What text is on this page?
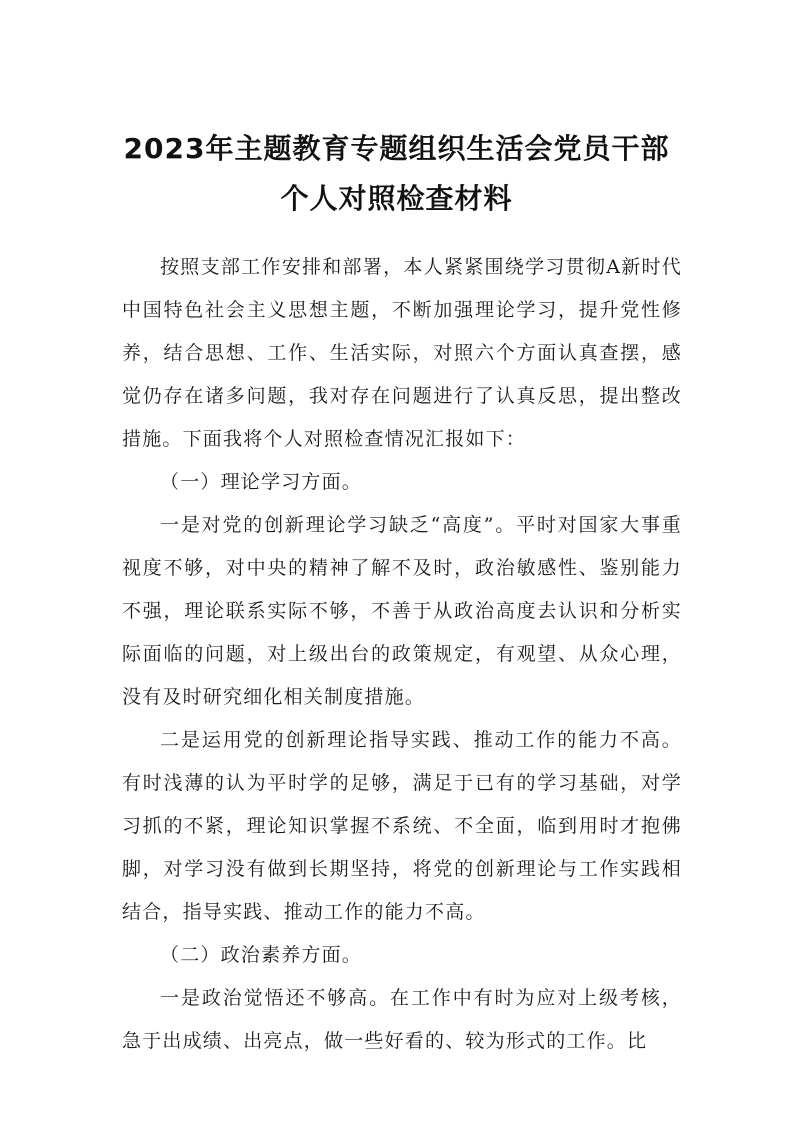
2023年主题教育专题组织生活会党员干部
个人对照检查材料

按照支部工作安排和部署，本人紧紧围绕学习贯彻A新时代中国特色社会主义思想主题，不断加强理论学习，提升党性修养，结合思想、工作、生活实际，对照六个方面认真查摆，感觉仍存在诸多问题，我对存在问题进行了认真反思，提出整改措施。下面我将个人对照检查情况汇报如下：

（一）理论学习方面。

一是对党的创新理论学习缺乏“高度”。平时对国家大事重视度不够，对中央的精神了解不及时，政治敏感性、鉴别能力不强，理论联系实际不够，不善于从政治高度去认识和分析实际面临的问题，对上级出台的政策规定，有观望、从众心理，没有及时研究细化相关制度措施。

二是运用党的创新理论指导实践、推动工作的能力不高。有时浅薄的认为平时学的足够，满足于已有的学习基础，对学习抓的不紧，理论知识掌握不系统、不全面，临到用时才抱佛脚，对学习没有做到长期坚持，将党的创新理论与工作实践相结合，指导实践、推动工作的能力不高。

（二）政治素养方面。

一是政治觉悟还不够高。在工作中有时为应对上级考核，急于出成绩、出亮点，做一些好看的、较为形式的工作。比
